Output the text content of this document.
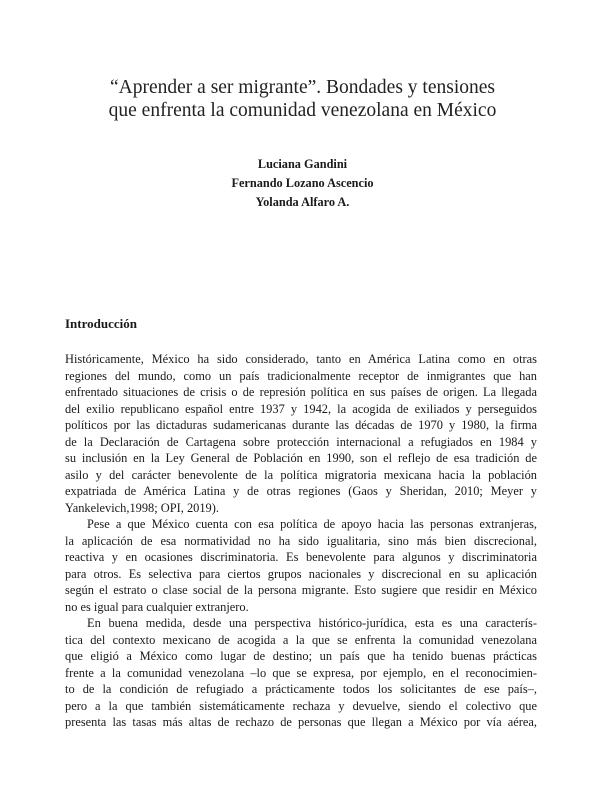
“Aprender a ser migrante”. Bondades y tensiones
que enfrenta la comunidad venezolana en México
Luciana Gandini
Fernando Lozano Ascencio
Yolanda Alfaro A.
Introducción
Históricamente, México ha sido considerado, tanto en América Latina como en otras
regiones del mundo, como un país tradicionalmente receptor de inmigrantes que han
enfrentado situaciones de crisis o de represión política en sus países de origen. La llegada
del exilio republicano español entre 1937 y 1942, la acogida de exiliados y perseguidos
políticos por las dictaduras sudamericanas durante las décadas de 1970 y 1980, la firma
de la Declaración de Cartagena sobre protección internacional a refugiados en 1984 y
su inclusión en la Ley General de Población en 1990, son el reflejo de esa tradición de
asilo y del carácter benevolente de la política migratoria mexicana hacia la población
expatriada de América Latina y de otras regiones (Gaos y Sheridan, 2010; Meyer y
Yankelevich,1998; OPI, 2019).
Pese a que México cuenta con esa política de apoyo hacia las personas extranjeras,
la aplicación de esa normatividad no ha sido igualitaria, sino más bien discrecional,
reactiva y en ocasiones discriminatoria. Es benevolente para algunos y discriminatoria
para otros. Es selectiva para ciertos grupos nacionales y discrecional en su aplicación
según el estrato o clase social de la persona migrante. Esto sugiere que residir en México
no es igual para cualquier extranjero.
En buena medida, desde una perspectiva histórico-jurídica, esta es una caracterís-
tica del contexto mexicano de acogida a la que se enfrenta la comunidad venezolana
que eligió a México como lugar de destino; un país que ha tenido buenas prácticas
frente a la comunidad venezolana –lo que se expresa, por ejemplo, en el reconocimien-
to de la condición de refugiado a prácticamente todos los solicitantes de ese país–,
pero a la que también sistemáticamente rechaza y devuelve, siendo el colectivo que
presenta las tasas más altas de rechazo de personas que llegan a México por vía aérea,
